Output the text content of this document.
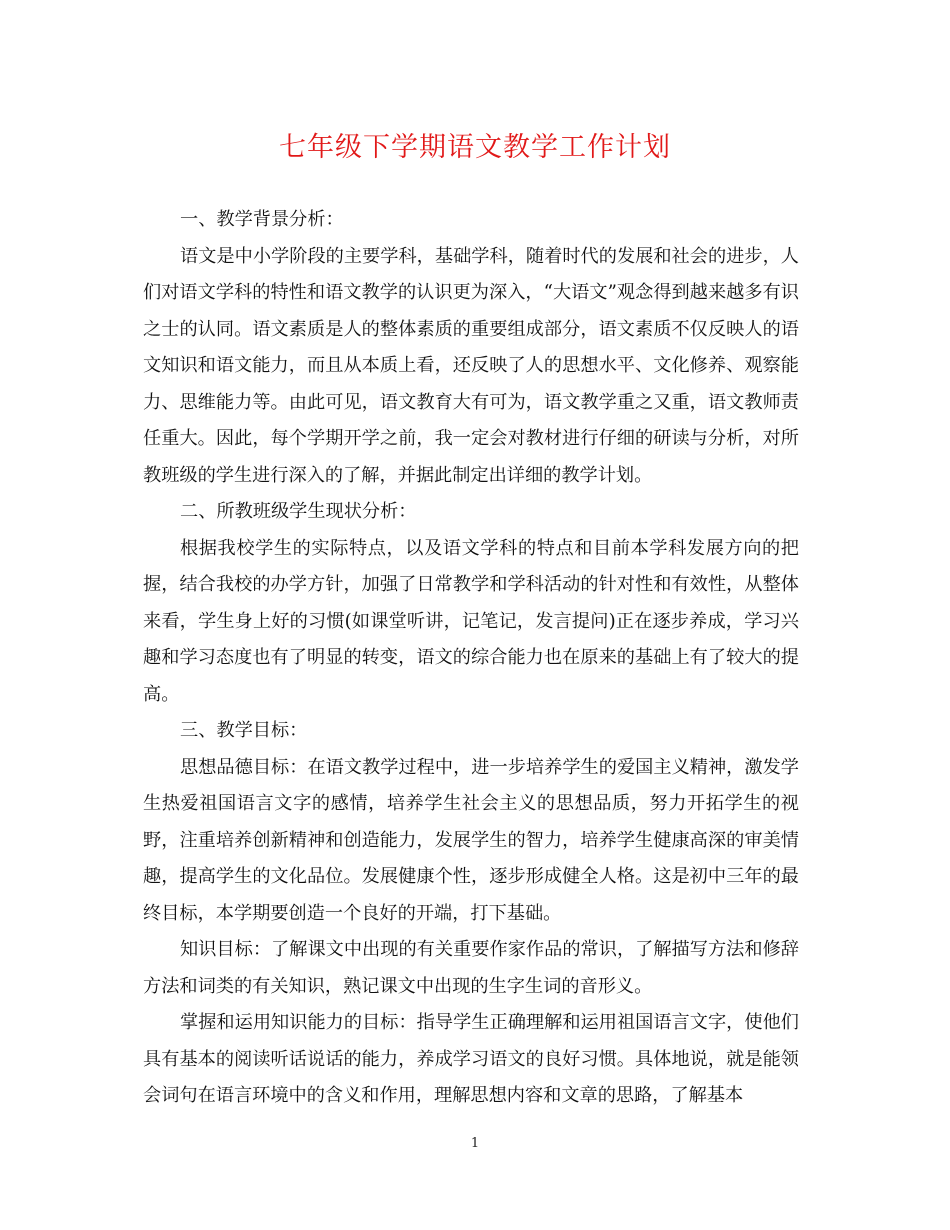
七年级下学期语文教学工作计划

一、教学背景分析：

语文是中小学阶段的主要学科，基础学科，随着时代的发展和社会的进步，人们对语文学科的特性和语文教学的认识更为深入，“大语文”观念得到越来越多有识之士的认同。语文素质是人的整体素质的重要组成部分，语文素质不仅反映人的语文知识和语文能力，而且从本质上看，还反映了人的思想水平、文化修养、观察能力、思维能力等。由此可见，语文教育大有可为，语文教学重之又重，语文教师责任重大。因此，每个学期开学之前，我一定会对教材进行仔细的研读与分析，对所教班级的学生进行深入的了解，并据此制定出详细的教学计划。

二、所教班级学生现状分析：

根据我校学生的实际特点，以及语文学科的特点和目前本学科发展方向的把握，结合我校的办学方针，加强了日常教学和学科活动的针对性和有效性，从整体来看，学生身上好的习惯(如课堂听讲，记笔记，发言提问)正在逐步养成，学习兴趣和学习态度也有了明显的转变，语文的综合能力也在原来的基础上有了较大的提高。

三、教学目标：

思想品德目标：在语文教学过程中，进一步培养学生的爱国主义精神，激发学生热爱祖国语言文字的感情，培养学生社会主义的思想品质，努力开拓学生的视野，注重培养创新精神和创造能力，发展学生的智力，培养学生健康高深的审美情趣，提高学生的文化品位。发展健康个性，逐步形成健全人格。这是初中三年的最终目标，本学期要创造一个良好的开端，打下基础。

知识目标：了解课文中出现的有关重要作家作品的常识，了解描写方法和修辞方法和词类的有关知识，熟记课文中出现的生字生词的音形义。

掌握和运用知识能力的目标：指导学生正确理解和运用祖国语言文字，使他们具有基本的阅读听话说话的能力，养成学习语文的良好习惯。具体地说，就是能领会词句在语言环境中的含义和作用，理解思想内容和文章的思路，了解基本

1
